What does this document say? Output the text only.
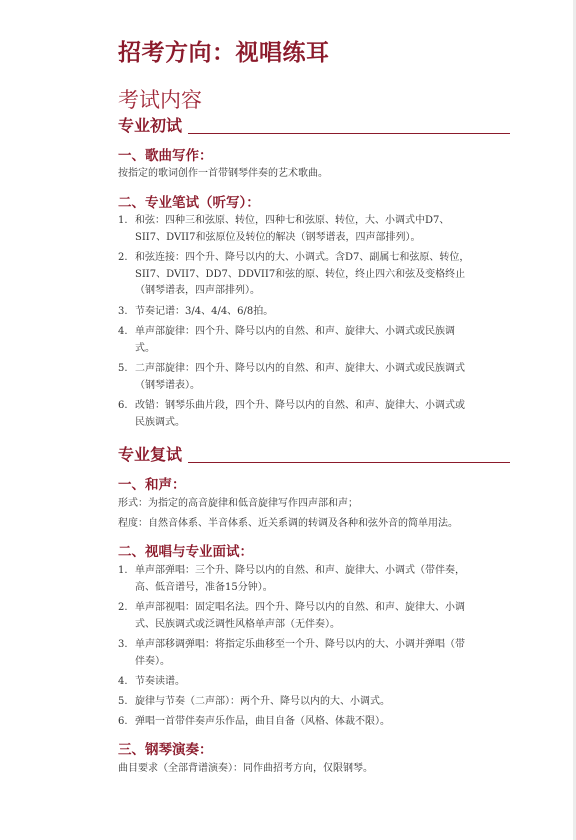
招考方向：视唱练耳
考试内容
专业初试
一、歌曲写作：

按指定的歌词创作一首带钢琴伴奏的艺术歌曲。

二、专业笔试（听写）：
1. 和弦：四种三和弦原、转位，四种七和弦原、转位，大、小调式中D7、
SII7、DVII7和弦原位及转位的解决（钢琴谱表，四声部排列）。
2. 和弦连接：四个升、降号以内的大、小调式。含D7、副属七和弦原、转位，
SII7、DVII7、DD7、DDVII7和弦的原、转位，终止四六和弦及变格终止
（钢琴谱表，四声部排列）。
3. 节奏记谱：3/4、4/4、6/8拍。
4. 单声部旋律：四个升、降号以内的自然、和声、旋律大、小调式或民族调
式。
5. 二声部旋律：四个升、降号以内的自然、和声、旋律大、小调式或民族调式
（钢琴谱表）。
6. 改错：钢琴乐曲片段，四个升、降号以内的自然、和声、旋律大、小调式或
民族调式。
专业复试
一、和声：

形式：为指定的高音旋律和低音旋律写作四声部和声；

程度：自然音体系、半音体系、近关系调的转调及各种和弦外音的简单用法。

二、视唱与专业面试：
1. 单声部弹唱：三个升、降号以内的自然、和声、旋律大、小调式（带伴奏，
高、低音谱号，准备15分钟）。
2. 单声部视唱：固定唱名法。四个升、降号以内的自然、和声、旋律大、小调
式、民族调式或泛调性风格单声部（无伴奏）。
3. 单声部移调弹唱：将指定乐曲移至一个升、降号以内的大、小调并弹唱（带
伴奏）。
4. 节奏读谱。
5. 旋律与节奏（二声部）：两个升、降号以内的大、小调式。
6. 弹唱一首带伴奏声乐作品，曲目自备（风格、体裁不限）。
三、钢琴演奏：

曲目要求（全部背谱演奏）：同作曲招考方向，仅限钢琴。
